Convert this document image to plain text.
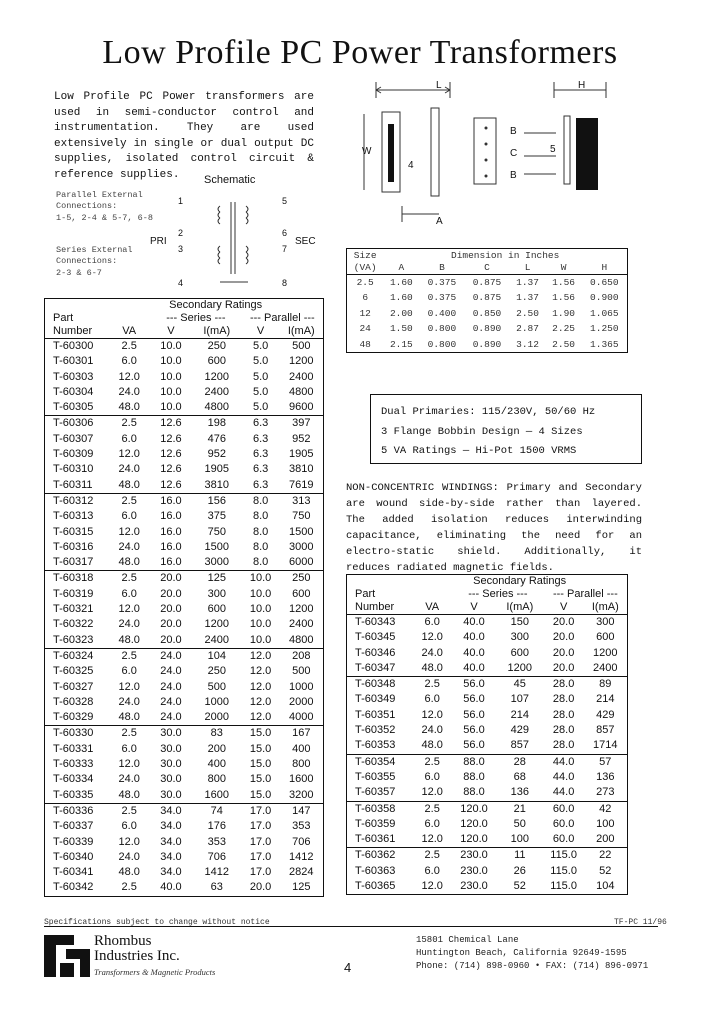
Low Profile PC Power Transformers
Low Profile PC Power transformers are used in semi-conductor control and instrumentation. They are used extensively in single or dual output DC supplies, isolated control circuit & reference supplies.	Schematic
Parallel External Connections:
1-5, 2-4 & 5-7, 6-8
Series External Connections:
2-3 & 6-7
PRI	SEC
1
2
3
4
5
6
7
8
L	H
W
B
C
B
A
4
5
Size	Dimension in Inches					
(VA)	A	B	C	L	W	H
2.5	1.60	0.375	0.875	1.37	1.56	0.650
6	1.60	0.375	0.875	1.37	1.56	0.900
12	2.00	0.400	0.850	2.50	1.90	1.065
24	1.50	0.800	0.890	2.87	2.25	1.250
48	2.15	0.800	0.890	3.12	2.50	1.365
Dual Primaries: 115/230V, 50/60 Hz
3 Flange Bobbin Design — 4 Sizes
5 VA Ratings — Hi-Pot 1500 VRMS
NON-CONCENTRIC WINDINGS: Primary and Secondary are wound side-by-side rather than layered. The added isolation reduces interwinding capacitance, eliminating the need for an electro-static shield. Additionally, it reduces radiated magnetic fields.
	Secondary Ratings				
Part		--- Series ---		--- Parallel ---	
Number	VA	V	I(mA)	V	I(mA)
T-60300	2.5	10.0	250	5.0	500
T-60301	6.0	10.0	600	5.0	1200
T-60303	12.0	10.0	1200	5.0	2400
T-60304	24.0	10.0	2400	5.0	4800
T-60305	48.0	10.0	4800	5.0	9600
T-60306	2.5	12.6	198	6.3	397
T-60307	6.0	12.6	476	6.3	952
T-60309	12.0	12.6	952	6.3	1905
T-60310	24.0	12.6	1905	6.3	3810
T-60311	48.0	12.6	3810	6.3	7619
T-60312	2.5	16.0	156	8.0	313
T-60313	6.0	16.0	375	8.0	750
T-60315	12.0	16.0	750	8.0	1500
T-60316	24.0	16.0	1500	8.0	3000
T-60317	48.0	16.0	3000	8.0	6000
T-60318	2.5	20.0	125	10.0	250
T-60319	6.0	20.0	300	10.0	600
T-60321	12.0	20.0	600	10.0	1200
T-60322	24.0	20.0	1200	10.0	2400
T-60323	48.0	20.0	2400	10.0	4800
T-60324	2.5	24.0	104	12.0	208
T-60325	6.0	24.0	250	12.0	500
T-60327	12.0	24.0	500	12.0	1000
T-60328	24.0	24.0	1000	12.0	2000
T-60329	48.0	24.0	2000	12.0	4000
T-60330	2.5	30.0	83	15.0	167
T-60331	6.0	30.0	200	15.0	400
T-60333	12.0	30.0	400	15.0	800
T-60334	24.0	30.0	800	15.0	1600
T-60335	48.0	30.0	1600	15.0	3200
T-60336	2.5	34.0	74	17.0	147
T-60337	6.0	34.0	176	17.0	353
T-60339	12.0	34.0	353	17.0	706
T-60340	24.0	34.0	706	17.0	1412
T-60341	48.0	34.0	1412	17.0	2824
T-60342	2.5	40.0	63	20.0	125
	Secondary Ratings				
Part		--- Series ---		--- Parallel ---	
Number	VA	V	I(mA)	V	I(mA)
T-60343	6.0	40.0	150	20.0	300
T-60345	12.0	40.0	300	20.0	600
T-60346	24.0	40.0	600	20.0	1200
T-60347	48.0	40.0	1200	20.0	2400
T-60348	2.5	56.0	45	28.0	89
T-60349	6.0	56.0	107	28.0	214
T-60351	12.0	56.0	214	28.0	429
T-60352	24.0	56.0	429	28.0	857
T-60353	48.0	56.0	857	28.0	1714
T-60354	2.5	88.0	28	44.0	57
T-60355	6.0	88.0	68	44.0	136
T-60357	12.0	88.0	136	44.0	273
T-60358	2.5	120.0	21	60.0	42
T-60359	6.0	120.0	50	60.0	100
T-60361	12.0	120.0	100	60.0	200
T-60362	2.5	230.0	11	115.0	22
T-60363	6.0	230.0	26	115.0	52
T-60365	12.0	230.0	52	115.0	104
Specifications subject to change without notice	TF-PC 11/96
Rhombus
Industries Inc.
Transformers & Magnetic Products	4
15801 Chemical Lane
Huntington Beach, California 92649-1595
Phone: (714) 898-0960 • FAX: (714) 896-0971
